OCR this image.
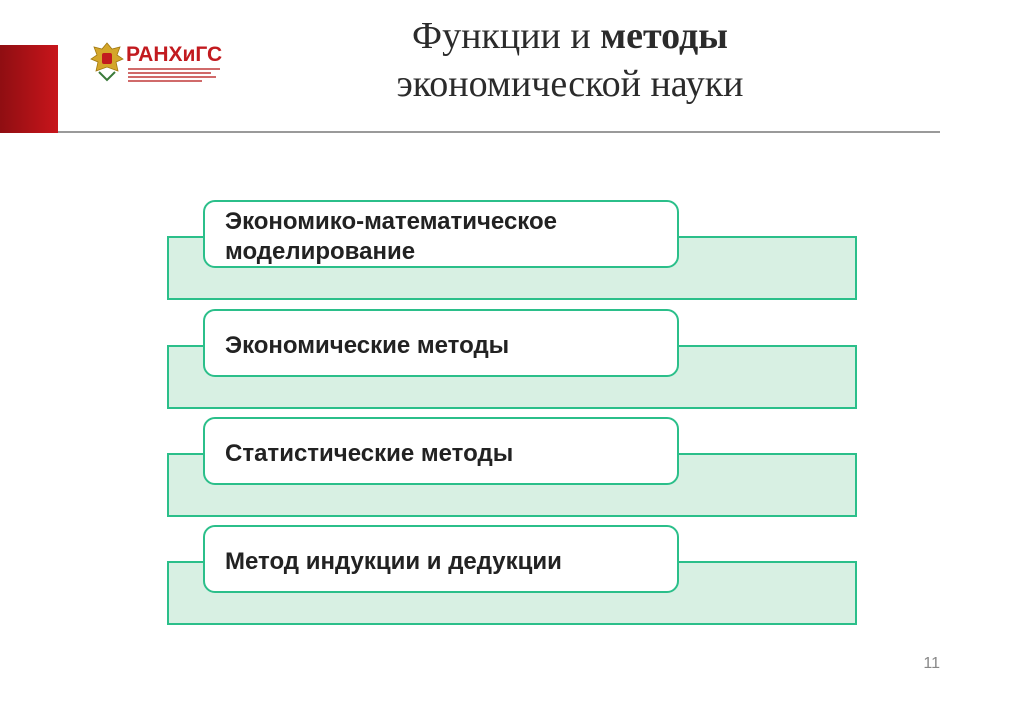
РАНХиГС	Функции и методы
экономической науки
Экономико-математическое моделирование
Экономические методы
Статистические методы
Метод индукции и дедукции
11
